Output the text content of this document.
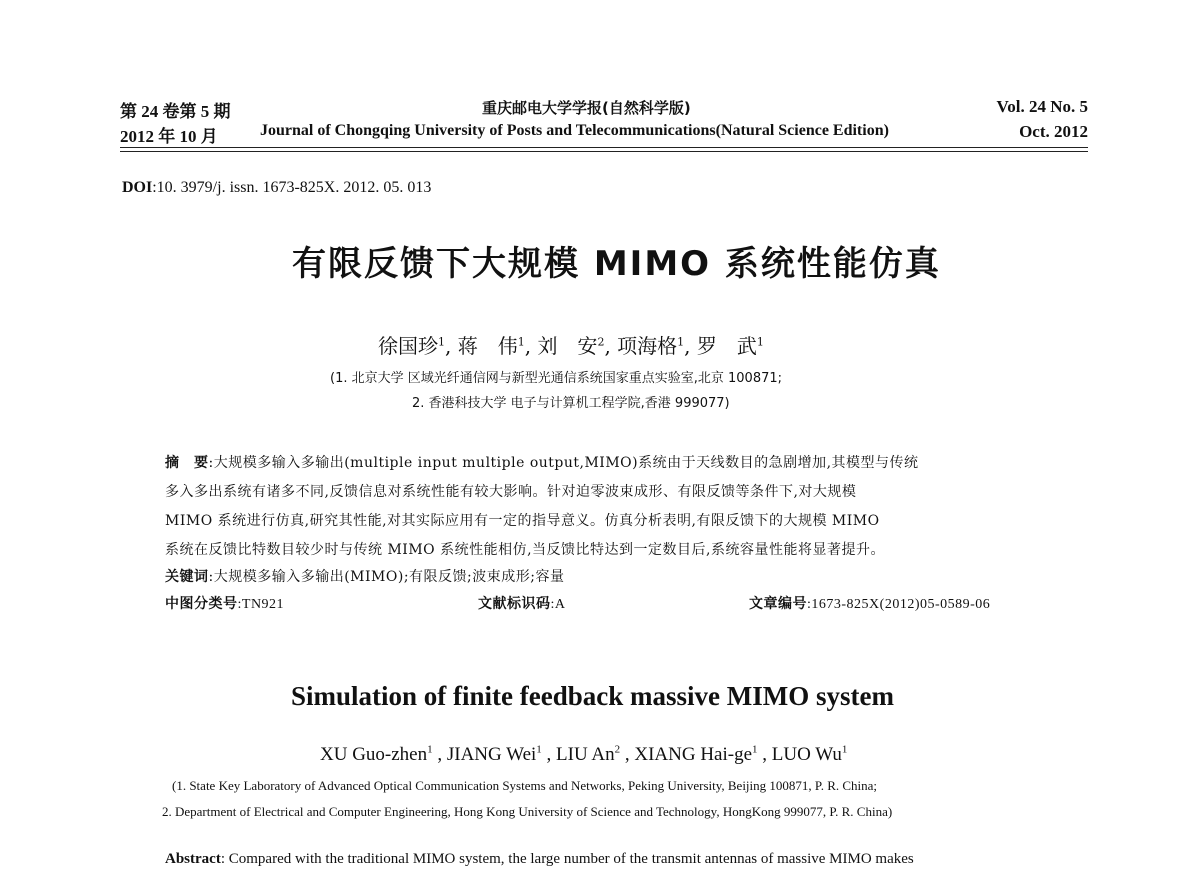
第 24 卷第 5 期	重庆邮电大学学报(自然科学版)	Vol. 24 No. 5
2012 年 10 月	Journal of Chongqing University of Posts and Telecommunications(Natural Science Edition)	Oct. 2012
DOI:10. 3979/j. issn. 1673-825X. 2012. 05. 013
有限反馈下大规模 MIMO 系统性能仿真
徐国珍$^1$, 蒋　伟$^1$, 刘　安$^2$, 项海格$^1$, 罗　武$^1$
(1. 北京大学 区域光纤通信网与新型光通信系统国家重点实验室,北京 100871;
2. 香港科技大学 电子与计算机工程学院,香港 999077)
摘　要:大规模多输入多输出(multiple input multiple output,MIMO)系统由于天线数目的急剧增加,其模型与传统
多入多出系统有诸多不同,反馈信息对系统性能有较大影响。针对迫零波束成形、有限反馈等条件下,对大规模
MIMO 系统进行仿真,研究其性能,对其实际应用有一定的指导意义。仿真分析表明,有限反馈下的大规模 MIMO
系统在反馈比特数目较少时与传统 MIMO 系统性能相仿,当反馈比特达到一定数目后,系统容量性能将显著提升。
关键词:大规模多输入多输出(MIMO);有限反馈;波束成形;容量
中图分类号:TN921	文献标识码:A	文章编号:1673-825X(2012)05-0589-06
Simulation of finite feedback massive MIMO system
XU Guo-zhen$^1$ , JIANG Wei$^1$ , LIU An$^2$ , XIANG Hai-$ge^1$ , LUO Wu$^1$
(1. State Key Laboratory of Advanced Optical Communication Systems and Networks, Peking University, Beijing 100871, P. R. China;
2. Department of Electrical and Computer Engineering, Hong Kong University of Science and Technology, HongKong 999077, P. R. China)
Abstract: Compared with the traditional MIMO system, the large number of the transmit antennas of massive MIMO makes
